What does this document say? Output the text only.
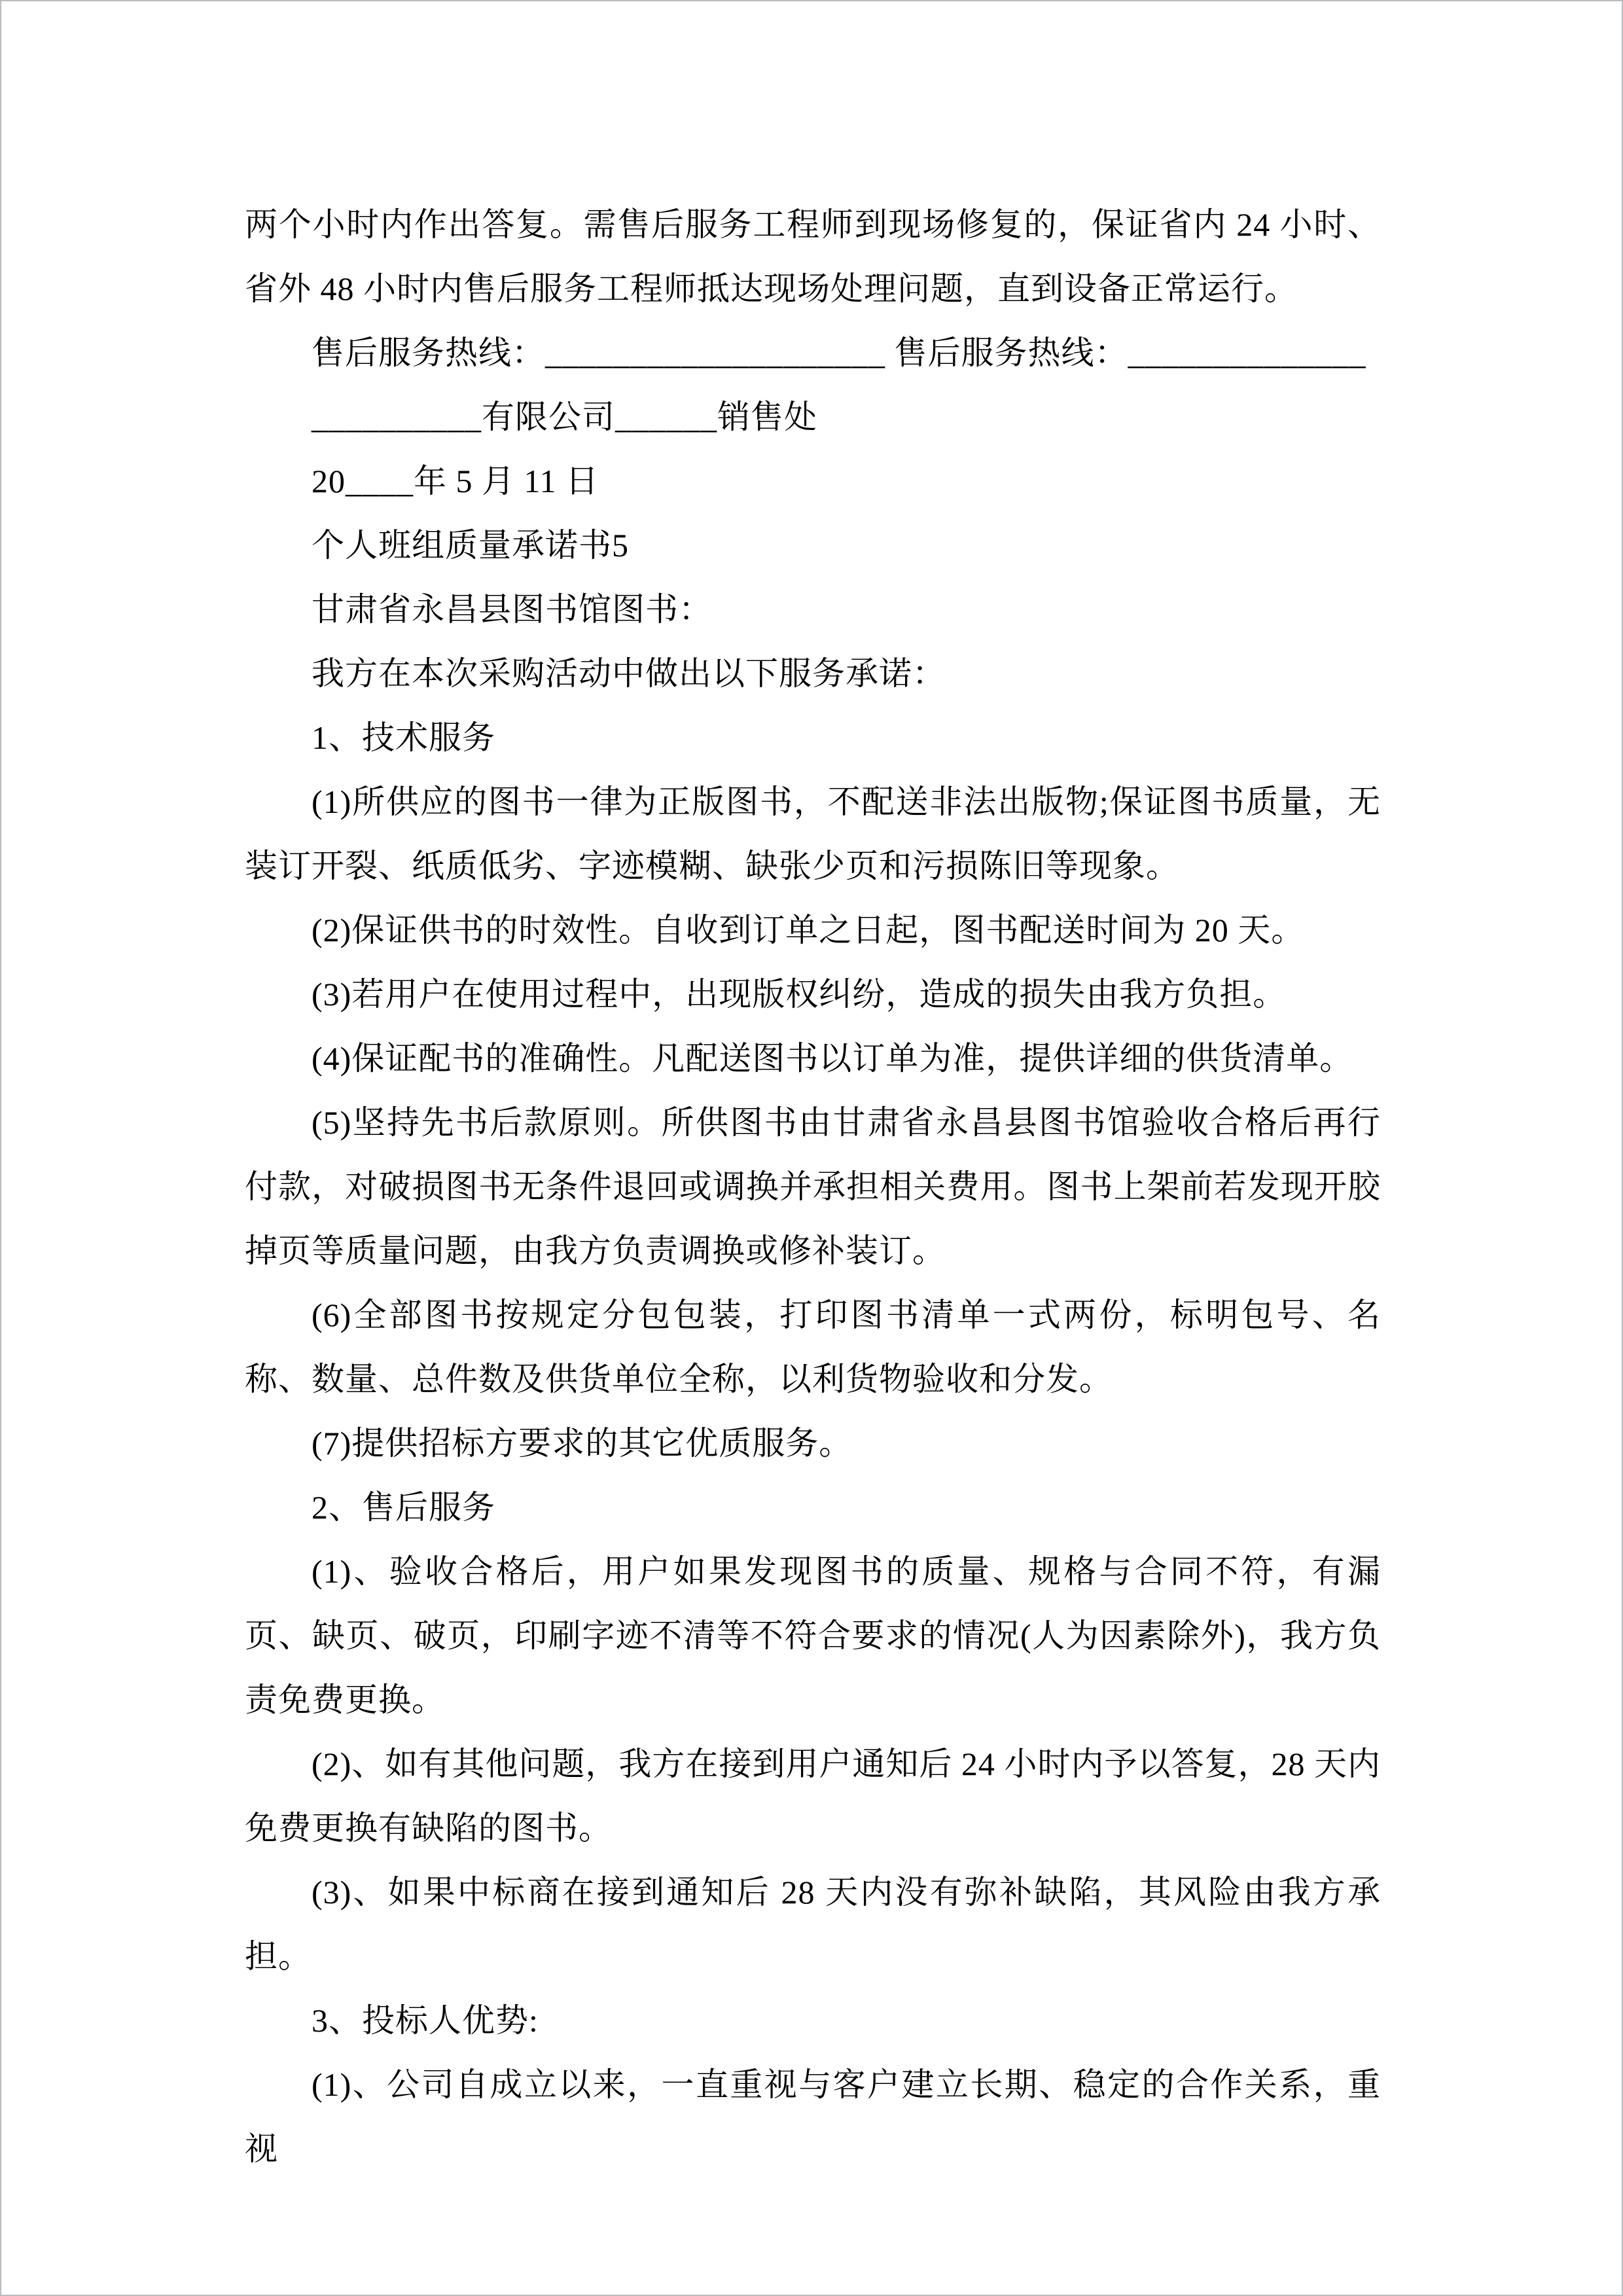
两个小时内作出答复。需售后服务工程师到现场修复的，保证省内 24 小时、省外 48 小时内售后服务工程师抵达现场处理问题，直到设备正常运行。

售后服务热线：____________________ 售后服务热线：______________

__________有限公司______销售处

20____年 5 月 11 日

个人班组质量承诺书5

甘肃省永昌县图书馆图书：

我方在本次采购活动中做出以下服务承诺：

1、技术服务

(1)所供应的图书一律为正版图书，不配送非法出版物;保证图书质量，无装订开裂、纸质低劣、字迹模糊、缺张少页和污损陈旧等现象。

(2)保证供书的时效性。自收到订单之日起，图书配送时间为 20 天。

(3)若用户在使用过程中，出现版权纠纷，造成的损失由我方负担。

(4)保证配书的准确性。凡配送图书以订单为准，提供详细的供货清单。

(5)坚持先书后款原则。所供图书由甘肃省永昌县图书馆验收合格后再行付款，对破损图书无条件退回或调换并承担相关费用。图书上架前若发现开胶掉页等质量问题，由我方负责调换或修补装订。

(6)全部图书按规定分包包装，打印图书清单一式两份，标明包号、名称、数量、总件数及供货单位全称，以利货物验收和分发。

(7)提供招标方要求的其它优质服务。

2、售后服务

(1)、验收合格后，用户如果发现图书的质量、规格与合同不符，有漏页、缺页、破页，印刷字迹不清等不符合要求的情况(人为因素除外)，我方负责免费更换。

(2)、如有其他问题，我方在接到用户通知后 24 小时内予以答复，28 天内免费更换有缺陷的图书。

(3)、如果中标商在接到通知后 28 天内没有弥补缺陷，其风险由我方承担。

3、投标人优势:

(1)、公司自成立以来，一直重视与客户建立长期、稳定的合作关系，重视
